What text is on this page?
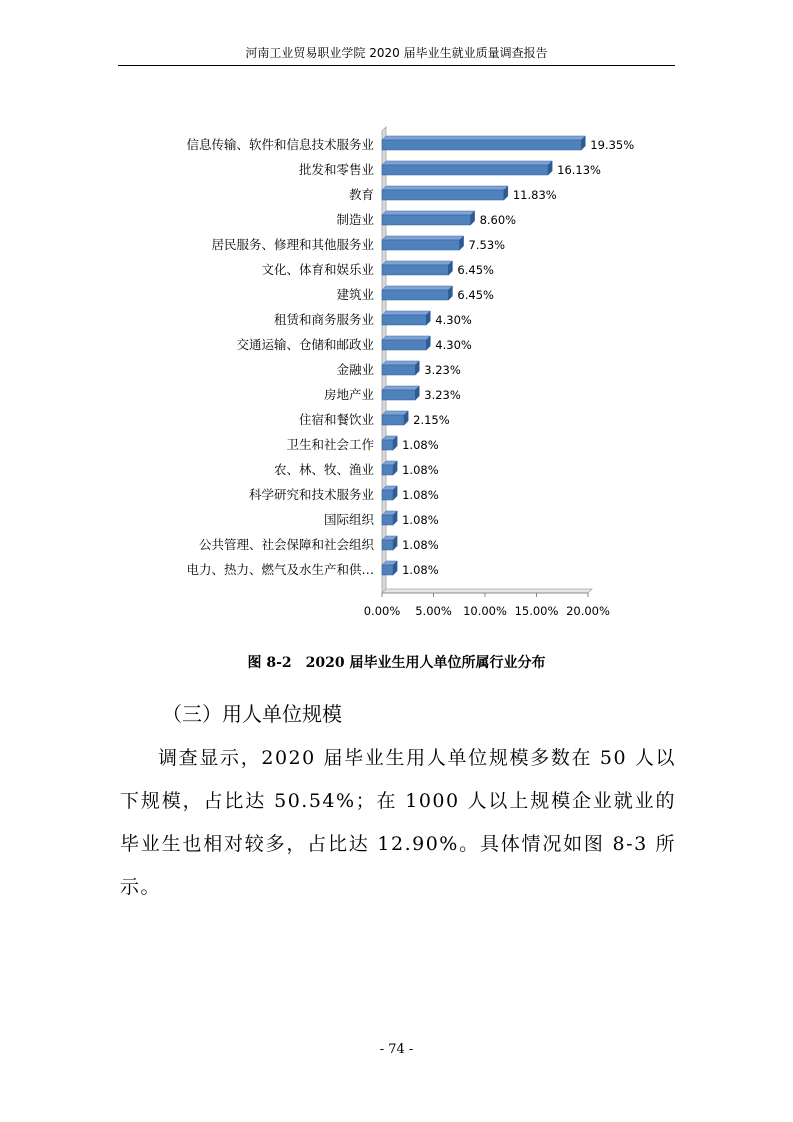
河南工业贸易职业学院 2020 届毕业生就业质量调查报告
0.00% 5.00% 10.00% 15.00% 20.00%
信息传输、软件和信息技术服务业	19.35%
批发和零售业	16.13%
教育	11.83%
制造业	8.60%
居民服务、修理和其他服务业	7.53%
文化、体育和娱乐业	6.45%
建筑业	6.45%
租赁和商务服务业	4.30%
交通运输、仓储和邮政业	4.30%
金融业	3.23%
房地产业	3.23%
住宿和餐饮业	2.15%
卫生和社会工作 1.08%
农、林、牧、渔业 1.08%
科学研究和技术服务业 1.08%
国际组织 1.08%
公共管理、社会保障和社会组织 1.08%
电力、热力、燃气及水生产和供… 1.08%
图 8-2　2020 届毕业生用人单位所属行业分布
（三）用人单位规模
调查显示，2020 届毕业生用人单位规模多数在 50 人以下规模，占比达 50.54%；在 1000 人以上规模企业就业的毕业生也相对较多，占比达 12.90%。具体情况如图 8-3 所示。
- 74 -
